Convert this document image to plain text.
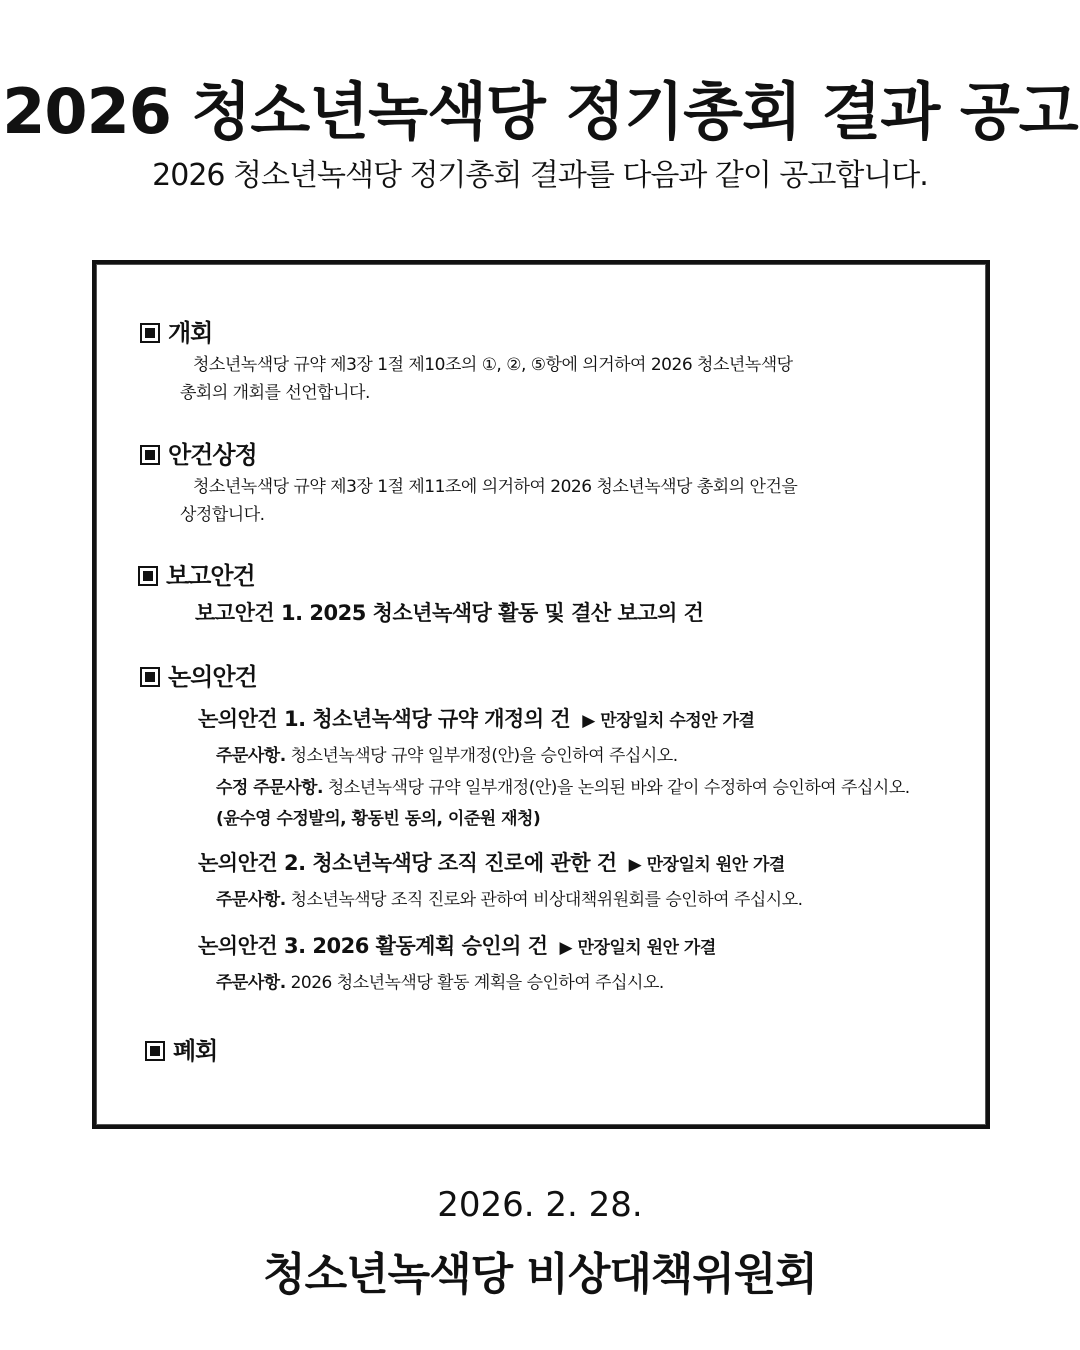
2026 청소년녹색당 정기총회 결과 공고
2026 청소년녹색당 정기총회 결과를 다음과 같이 공고합니다.
개회
청소년녹색당 규약 제3장 1절 제10조의 ①, ②, ⑤항에 의거하여 2026 청소년녹색당
총회의 개회를 선언합니다.
안건상정
청소년녹색당 규약 제3장 1절 제11조에 의거하여 2026 청소년녹색당 총회의 안건을
상정합니다.
보고안건
보고안건 1. 2025 청소년녹색당 활동 및 결산 보고의 건
논의안건
논의안건 1. 청소년녹색당 규약 개정의 건 ▶ 만장일치 수정안 가결
주문사항. 청소년녹색당 규약 일부개정(안)을 승인하여 주십시오.
수정 주문사항. 청소년녹색당 규약 일부개정(안)을 논의된 바와 같이 수정하여 승인하여 주십시오.
(윤수영 수정발의, 황동빈 동의, 이준원 재청)
논의안건 2. 청소년녹색당 조직 진로에 관한 건 ▶ 만장일치 원안 가결
주문사항. 청소년녹색당 조직 진로와 관하여 비상대책위원회를 승인하여 주십시오.
논의안건 3. 2026 활동계획 승인의 건 ▶ 만장일치 원안 가결
주문사항. 2026 청소년녹색당 활동 계획을 승인하여 주십시오.
폐회
2026. 2. 28.
청소년녹색당 비상대책위원회
